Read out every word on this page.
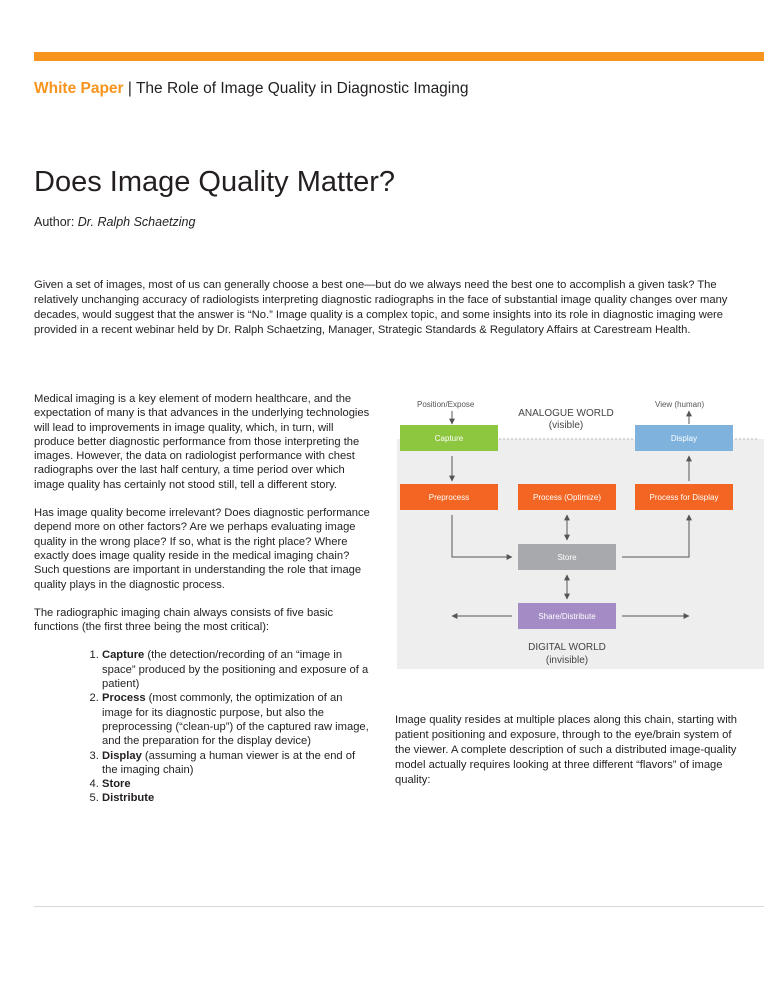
White Paper | The Role of Image Quality in Diagnostic Imaging
Does Image Quality Matter?
Author: Dr. Ralph Schaetzing

Given a set of images, most of us can generally choose a best one—but do we always need the best one to accomplish a given task? The relatively unchanging accuracy of radiologists interpreting diagnostic radiographs in the face of substantial image quality changes over many decades, would suggest that the answer is “No.” Image quality is a complex topic, and some insights into its role in diagnostic imaging were provided in a recent webinar held by Dr. Ralph Schaetzing, Manager, Strategic Standards & Regulatory Affairs at Carestream Health.

Medical imaging is a key element of modern healthcare, and the expectation of many is that advances in the underlying technologies will lead to improvements in image quality, which, in turn, will produce better diagnostic performance from those interpreting the images. However, the data on radiologist performance with chest radiographs over the last half century, a time period over which image quality has certainly not stood still, tell a different story.

Has image quality become irrelevant? Does diagnostic performance depend more on other factors? Are we perhaps evaluating image quality in the wrong place? If so, what is the right place? Where exactly does image quality reside in the medical imaging chain? Such questions are important in understanding the role that image quality plays in the diagnostic process.

The radiographic imaging chain always consists of five basic functions (the first three being the most critical):

1. Capture (the detection/recording of an “image in space” produced by the positioning and exposure of a patient)
2. Process (most commonly, the optimization of an image for its diagnostic purpose, but also the preprocessing (“clean-up”) of the captured raw image, and the preparation for the display device)
3. Display (assuming a human viewer is at the end of the imaging chain)
4. Store
5. Distribute
Position/Expose	View (human)
ANALOGUE WORLD
(visible)
Capture	Display
Preprocess	Process (Optimize)	Process for Display
Store
Share/Distribute
DIGITAL WORLD
(invisible)

Image quality resides at multiple places along this chain, starting with patient positioning and exposure, through to the eye/brain system of the viewer. A complete description of such a distributed image-quality model actually requires looking at three different “flavors” of image quality:
